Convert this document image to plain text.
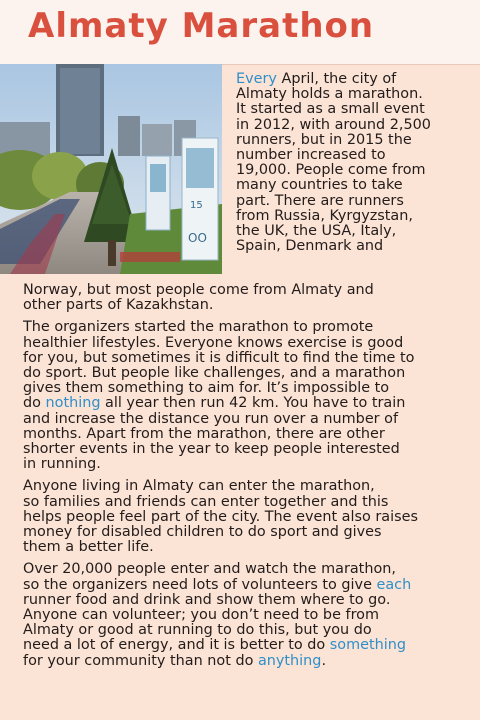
Almaty Marathon
15
OO
Every April, the city of
Almaty holds a marathon.
It started as a small event
in 2012, with around 2,500
runners, but in 2015 the
number increased to
19,000. People come from
many countries to take
part. There are runners
from Russia, Kyrgyzstan,
the UK, the USA, Italy,
Spain, Denmark and
Norway, but most people come from Almaty and
other parts of Kazakhstan.
The organizers started the marathon to promote
healthier lifestyles. Everyone knows exercise is good
for you, but sometimes it is difficult to find the time to
do sport. But people like challenges, and a marathon
gives them something to aim for. It’s impossible to
do nothing all year then run 42 km. You have to train
and increase the distance you run over a number of
months. Apart from the marathon, there are other
shorter events in the year to keep people interested
in running.
Anyone living in Almaty can enter the marathon,
so families and friends can enter together and this
helps people feel part of the city. The event also raises
money for disabled children to do sport and gives
them a better life.
Over 20,000 people enter and watch the marathon,
so the organizers need lots of volunteers to give each
runner food and drink and show them where to go.
Anyone can volunteer; you don’t need to be from
Almaty or good at running to do this, but you do
need a lot of energy, and it is better to do something
for your community than not do anything.
